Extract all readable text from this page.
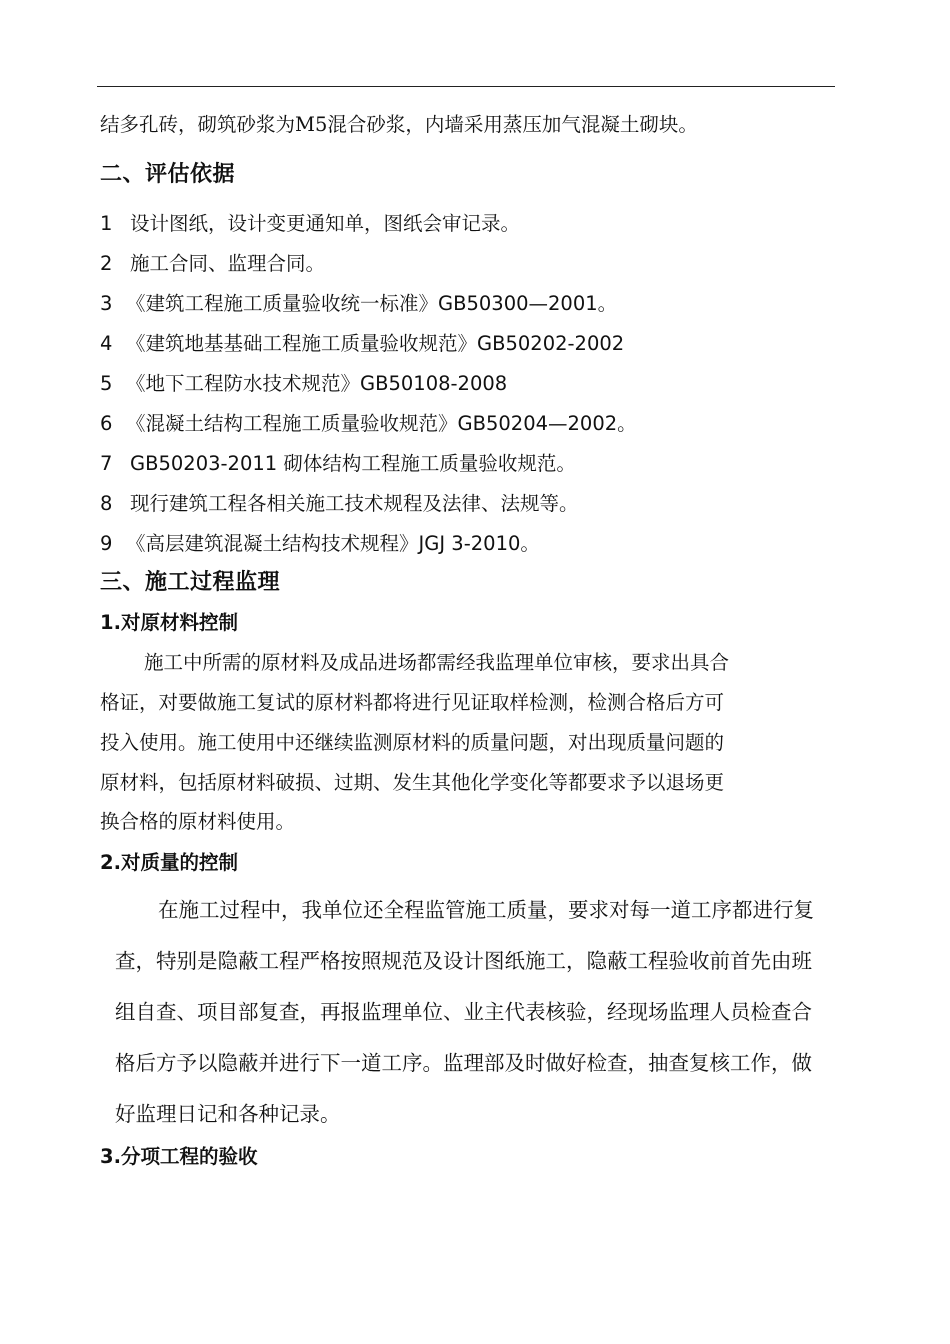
结多孔砖，砌筑砂浆为M5混合砂浆，内墙采用蒸压加气混凝土砌块。
二、评估依据
1 设计图纸，设计变更通知单，图纸会审记录。
2 施工合同、监理合同。
3 《建筑工程施工质量验收统一标准》GB50300—2001。
4 《建筑地基基础工程施工质量验收规范》GB50202-2002
5 《地下工程防水技术规范》GB50108-2008
6 《混凝土结构工程施工质量验收规范》GB50204—2002。
7 GB50203-2011 砌体结构工程施工质量验收规范。
8 现行建筑工程各相关施工技术规程及法律、法规等。
9 《高层建筑混凝土结构技术规程》JGJ 3-2010。
三、施工过程监理
1.对原材料控制
施工中所需的原材料及成品进场都需经我监理单位审核，要求出具合
格证，对要做施工复试的原材料都将进行见证取样检测，检测合格后方可
投入使用。施工使用中还继续监测原材料的质量问题，对出现质量问题的
原材料，包括原材料破损、过期、发生其他化学变化等都要求予以退场更
换合格的原材料使用。
2.对质量的控制
在施工过程中，我单位还全程监管施工质量，要求对每一道工序都进行复
查，特别是隐蔽工程严格按照规范及设计图纸施工，隐蔽工程验收前首先由班
组自查、项目部复查，再报监理单位、业主代表核验，经现场监理人员检查合
格后方予以隐蔽并进行下一道工序。监理部及时做好检查，抽查复核工作，做
好监理日记和各种记录。
3.分项工程的验收
